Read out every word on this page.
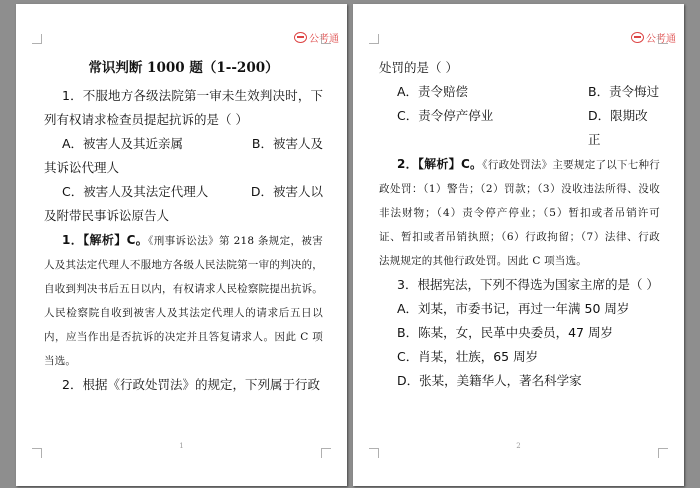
公考通
常识判断 1000 题（1--200）

1．不服地方各级法院第一审未生效判决时，下列有权请求检查员提起抗诉的是（ ）

A．被害人及其近亲属	B．被害人及
其诉讼代理人
C．被害人及其法定代理人	D．被害人以
及附带民事诉讼原告人

1．【解析】C。《刑事诉讼法》第 218 条规定，被害人及其法定代理人不服地方各级人民法院第一审的判决的，自收到判决书后五日以内，有权请求人民检察院提出抗诉。人民检察院自收到被害人及其法定代理人的请求后五日以内，应当作出是否抗诉的决定并且答复请求人。因此 C 项当选。

2．根据《行政处罚法》的规定，下列属于行政

1
公考通
处罚的是（ ）
A．责令赔偿	B．责令悔过
C．责令停产停业	D．限期改正

2．【解析】C。《行政处罚法》主要规定了以下七种行政处罚：（1）警告；（2）罚款；（3）没收违法所得、没收非法财物；（4）责令停产停业；（5）暂扣或者吊销许可证、暂扣或者吊销执照；（6）行政拘留；（7）法律、行政法规规定的其他行政处罚。因此 C 项当选。

3．根据宪法，下列不得选为国家主席的是（ ）

A．刘某，市委书记，再过一年满 50 周岁
B．陈某，女，民革中央委员，47 周岁
C．肖某，壮族，65 周岁
D．张某，美籍华人，著名科学家
2
